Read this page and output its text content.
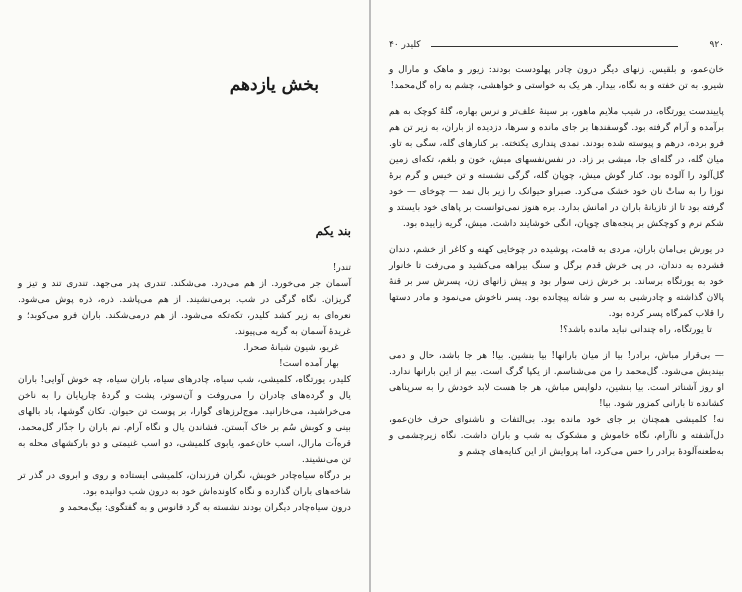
بخش یازدهم
بند یکم

تندر!

آسمان جر می‌خورد. از هم می‌درد. می‌شکند. تندری پدر می‌جهد. تندری تند و تیز و گریزان. نگاه گرگی در شب. برمی‌نشیند. از هم می‌پاشد. ذره، ذره پوش می‌شود. نعره‌ای به زیر کشد کلیدر، تکه‌تکه می‌شود. از هم درمی‌شکند. باران فرو می‌کوبد؛ و غریدهٔ آسمان به گریه می‌پیوند.

غریو، شیون شبانهٔ صحرا.

بهار آمده است!

کلیدر، یورتگاه، کلمیشی، شب سیاه، چادرهای سیاه، باران سیاه، چه خوش آوایی! باران یال و گرده‌های چادران را می‌روفت و آن‌سوتر، پشت و گردهٔ چارپایان را به ناخن می‌خراشید، می‌خارانید. موج‌لرزهای گوارا، بر پوست تن حیوان. تکان گوشها، باد بالهای بینی و کوبش سُم بر خاک آبستن. فشاندن یال و نگاه آرام. نم باران را جذّار گل‌محمد، قره‌آت مارال، اسب خان‌عمو، یابوی کلمیشی، دو اسب غنیمتی و دو بارکشهای محله به تن می‌نشیند.

بر درگاه سیاه‌چادر خویش، نگران فرزندان، کلمیشی ایستاده و روی و ابروی در گذر تر شاخه‌های باران گذارده و نگاه کاونده‌اش خود به درون شب دوانیده بود.

درون سیاه‌چادر دیگران بودند نشسته به گرد فانوس و به گفتگوی: بیگ‌محمد و

۹۲۰
کلیدر ۴۰

خان‌عمو، و بلقیس. زنهای دیگر درون چادر پهلودست بودند: زیور و ماهک و مارال و شیرو. به تن خفته و به نگاه، بیدار. هر یک به خواستی و خواهشی، چشم به راه گل‌محمد!

پاییندست یورتگاه، در شیب ملایم ماهور، بر سینهٔ علف‌تر و نرس بهاره، گلهٔ کوچک به هم برآمده و آرام گرفته بود. گوسفندها بر جای مانده و سرها، دزدیده از باران، به زیر تن هم فرو برده، درهم و پیوسته شده بودند. نمدی پنداری یکتخته. بر کنارهای گله، سگی به تاو. میان گله، در گله‌ای جا، میشی بر زاد. در نفس‌نفسهای میش، خون و بلغم، تکه‌ای زمین گل‌آلود را آلوده بود. کنار گوش میش، چوپان گله، گرگی نشسته و تن خیس و گرم برهٔ نوزا را به ساتْ نان خود خشک می‌کرد. صبراو حیوانک را زیر بال نمد — چوخای — خود گرفته بود تا از تازیانهٔ باران در امانش بدارد. بره هنوز نمی‌توانست بر پاهای خود بایستد و شکم نرم و کوچکش بر پنجه‌های چوپان، انگی خوشایند داشت. میش، گریه زاییده بود.

در یورش بی‌امان باران، مردی به قامت، پوشیده در چوخایی کهنه و کاغر از خشم، دندان فشرده به دندان، در پی خرش قدم برگل و سنگ بیراهه می‌کشید و می‌رفت تا خانوار خود به یورتگاه برساند. بر خرش زنی سوار بود و پیش زانهای زن، پسرش سر بر قنهٔ پالان گذاشته و چادرشبی به سر و شانه پیچانده بود. پسر ناخوش می‌نمود و مادر دستها را قلاب کمرگاه پسر کرده بود.

تا یورتگاه، راه چندانی نباید مانده باشد؟!

— بی‌قرار مباش، برادر! بیا از میان بارانها! بیا بنشین. بیا! هر جا باشد، حال و دمی بیندیش می‌شود. گل‌محمد را من می‌شناسم. از یکپا گرگ است. بیم از این بارانها ندارد. او روز آشناتر است. بیا بنشین، دلواپس مباش، هر جا هست لابد خودش را به سرپناهی کشانده تا بارانی کمزور شود. بیا!

نه! کلمیشی همچنان بر جای خود مانده بود. بی‌التفات و ناشنوای حرف خان‌عمو، دل‌آشفته و ناآرام، نگاه خاموش و مشکوک به شب و باران داشت. نگاه زیرچشمی و به‌طعنه‌آلودهٔ برادر را حس می‌کرد، اما پروایش از این کنایه‌های چشم و
